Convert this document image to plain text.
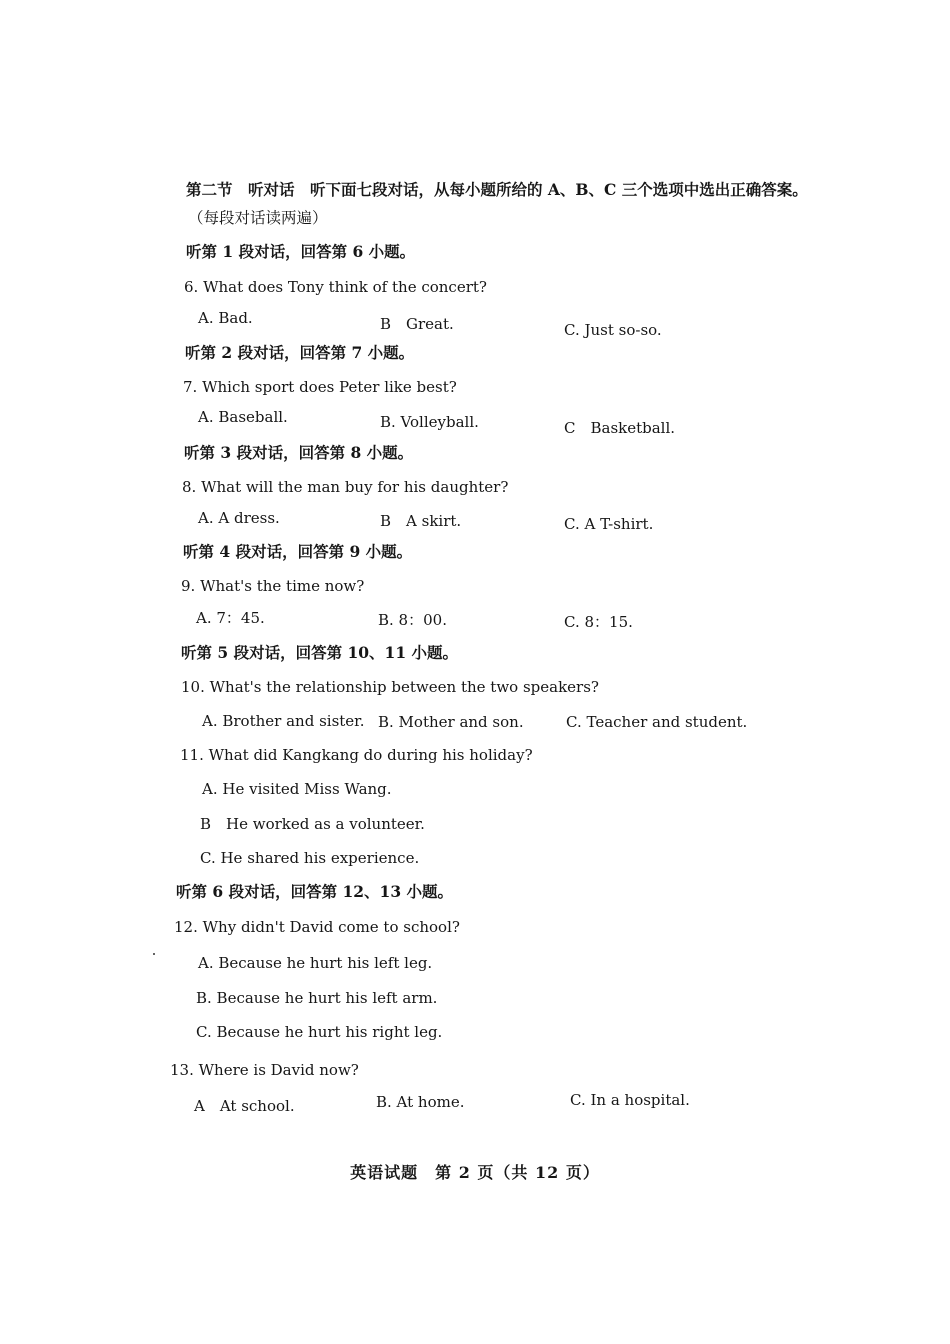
第二节　听对话　听下面七段对话，从每小题所给的 A、B、C 三个选项中选出正确答案。
（每段对话读两遍）
听第 1 段对话，回答第 6 小题。
6. What does Tony think of the concert?
A. Bad.	B　Great.	C. Just so-so.
听第 2 段对话，回答第 7 小题。
7. Which sport does Peter like best?
A. Baseball.	B. Volleyball.	C　Basketball.
听第 3 段对话，回答第 8 小题。
8. What will the man buy for his daughter?
A. A dress.	B　A skirt.	C. A T-shirt.
听第 4 段对话，回答第 9 小题。
9. What's the time now?
A. 7：45.	B. 8：00.	C. 8：15.
听第 5 段对话，回答第 10、11 小题。
10. What's the relationship between the two speakers?
A. Brother and sister. B. Mother and son.	C. Teacher and student.
11. What did Kangkang do during his holiday?
A. He visited Miss Wang.
B　He worked as a volunteer.
C. He shared his experience.
听第 6 段对话，回答第 12、13 小题。
12. Why didn't David come to school?
A. Because he hurt his left leg.
B. Because he hurt his left arm.
C. Because he hurt his right leg.
13. Where is David now?
A　At school.	B. At home.	C. In a hospital.
英语试题　第 2 页（共 12 页）
